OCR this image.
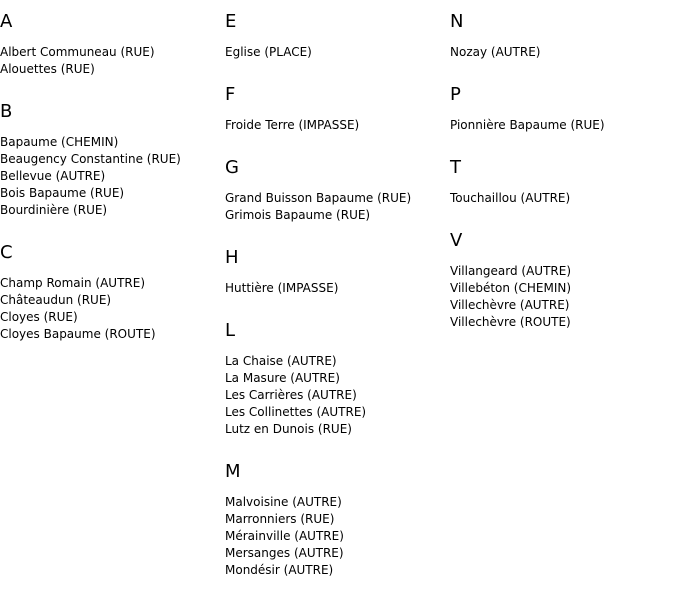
A
Albert Communeau (RUE)
Alouettes (RUE)
B
Bapaume (CHEMIN)
Beaugency Constantine (RUE)
Bellevue (AUTRE)
Bois Bapaume (RUE)
Bourdinière (RUE)
C
Champ Romain (AUTRE)
Châteaudun (RUE)
Cloyes (RUE)
Cloyes Bapaume (ROUTE)
E
Eglise (PLACE)
F
Froide Terre (IMPASSE)
G
Grand Buisson Bapaume (RUE)
Grimois Bapaume (RUE)
H
Huttière (IMPASSE)
L
La Chaise (AUTRE)
La Masure (AUTRE)
Les Carrières (AUTRE)
Les Collinettes (AUTRE)
Lutz en Dunois (RUE)
M
Malvoisine (AUTRE)
Marronniers (RUE)
Mérainville (AUTRE)
Mersanges (AUTRE)
Mondésir (AUTRE)
N
Nozay (AUTRE)
P
Pionnière Bapaume (RUE)
T
Touchaillou (AUTRE)
V
Villangeard (AUTRE)
Villebéton (CHEMIN)
Villechèvre (AUTRE)
Villechèvre (ROUTE)
